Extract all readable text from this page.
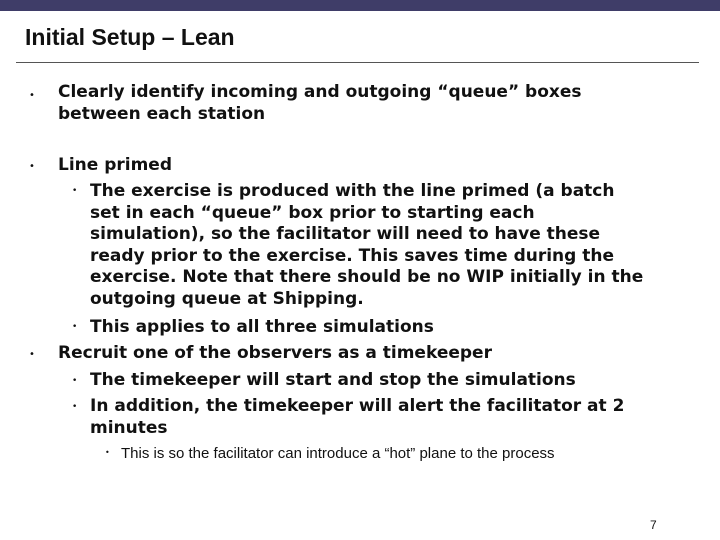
Initial Setup – Lean
• Clearly identify incoming and outgoing “queue” boxes between each station
• Line primed
• The exercise is produced with the line primed (a batch set in each “queue” box prior to starting each simulation), so the facilitator will need to have these ready prior to the exercise. This saves time during the exercise. Note that there should be no WIP initially in the outgoing queue at Shipping.
• This applies to all three simulations
• Recruit one of the observers as a timekeeper
• The timekeeper will start and stop the simulations
• In addition, the timekeeper will alert the facilitator at 2 minutes
• This is so the facilitator can introduce a “hot” plane to the process
7
